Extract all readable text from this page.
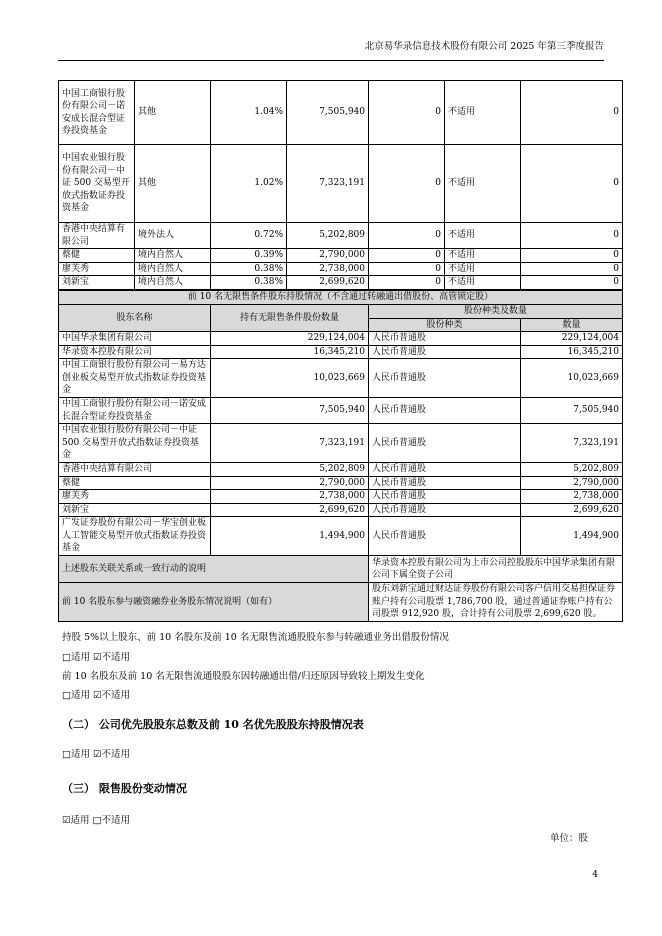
北京易华录信息技术股份有限公司 2025 年第三季度报告
中国工商银行股份有限公司－诺安成长混合型证券投资基金	其他	1.04%	7,505,940	0	不适用	0
中国农业银行股份有限公司－中证 500 交易型开放式指数证券投资基金	其他	1.02%	7,323,191	0	不适用	0
香港中央结算有限公司	境外法人	0.72%	5,202,809	0	不适用	0
蔡健	境内自然人	0.39%	2,790,000	0	不适用	0
廖芙秀	境内自然人	0.38%	2,738,000	0	不适用	0
刘新宝	境内自然人	0.38%	2,699,620	0	不适用	0
前 10 名无限售条件股东持股情况（不含通过转融通出借股份、高管锁定股）			
股东名称	持有无限售条件股份数量	股份种类及数量	
		股份种类	数量
中国华录集团有限公司	229,124,004	人民币普通股	229,124,004
华录资本控股有限公司	16,345,210	人民币普通股	16,345,210
中国工商银行股份有限公司－易方达创业板交易型开放式指数证券投资基金	10,023,669	人民币普通股	10,023,669
中国工商银行股份有限公司－诺安成长混合型证券投资基金	7,505,940	人民币普通股	7,505,940
中国农业银行股份有限公司－中证 500 交易型开放式指数证券投资基金	7,323,191	人民币普通股	7,323,191
香港中央结算有限公司	5,202,809	人民币普通股	5,202,809
蔡健	2,790,000	人民币普通股	2,790,000
廖芙秀	2,738,000	人民币普通股	2,738,000
刘新宝	2,699,620	人民币普通股	2,699,620
广发证券股份有限公司－华宝创业板人工智能交易型开放式指数证券投资基金	1,494,900	人民币普通股	1,494,900
上述股东关联关系或一致行动的说明		华录资本控股有限公司为上市公司控股股东中国华录集团有限公司下属全资子公司	
前 10 名股东参与融资融券业务股东情况说明（如有）		股东刘新宝通过财达证券股份有限公司客户信用交易担保证券账户持有公司股票 1,786,700 股，通过普通证券账户持有公司股票 912,920 股，合计持有公司股票 2,699,620 股。	
持股 5%以上股东、前 10 名股东及前 10 名无限售流通股股东参与转融通业务出借股份情况
□适用 ☑不适用
前 10 名股东及前 10 名无限售流通股股东因转融通出借/归还原因导致较上期发生变化
□适用 ☑不适用
（二） 公司优先股股东总数及前 10 名优先股股东持股情况表
□适用 ☑不适用
（三） 限售股份变动情况
☑适用 □不适用
单位：股
4
